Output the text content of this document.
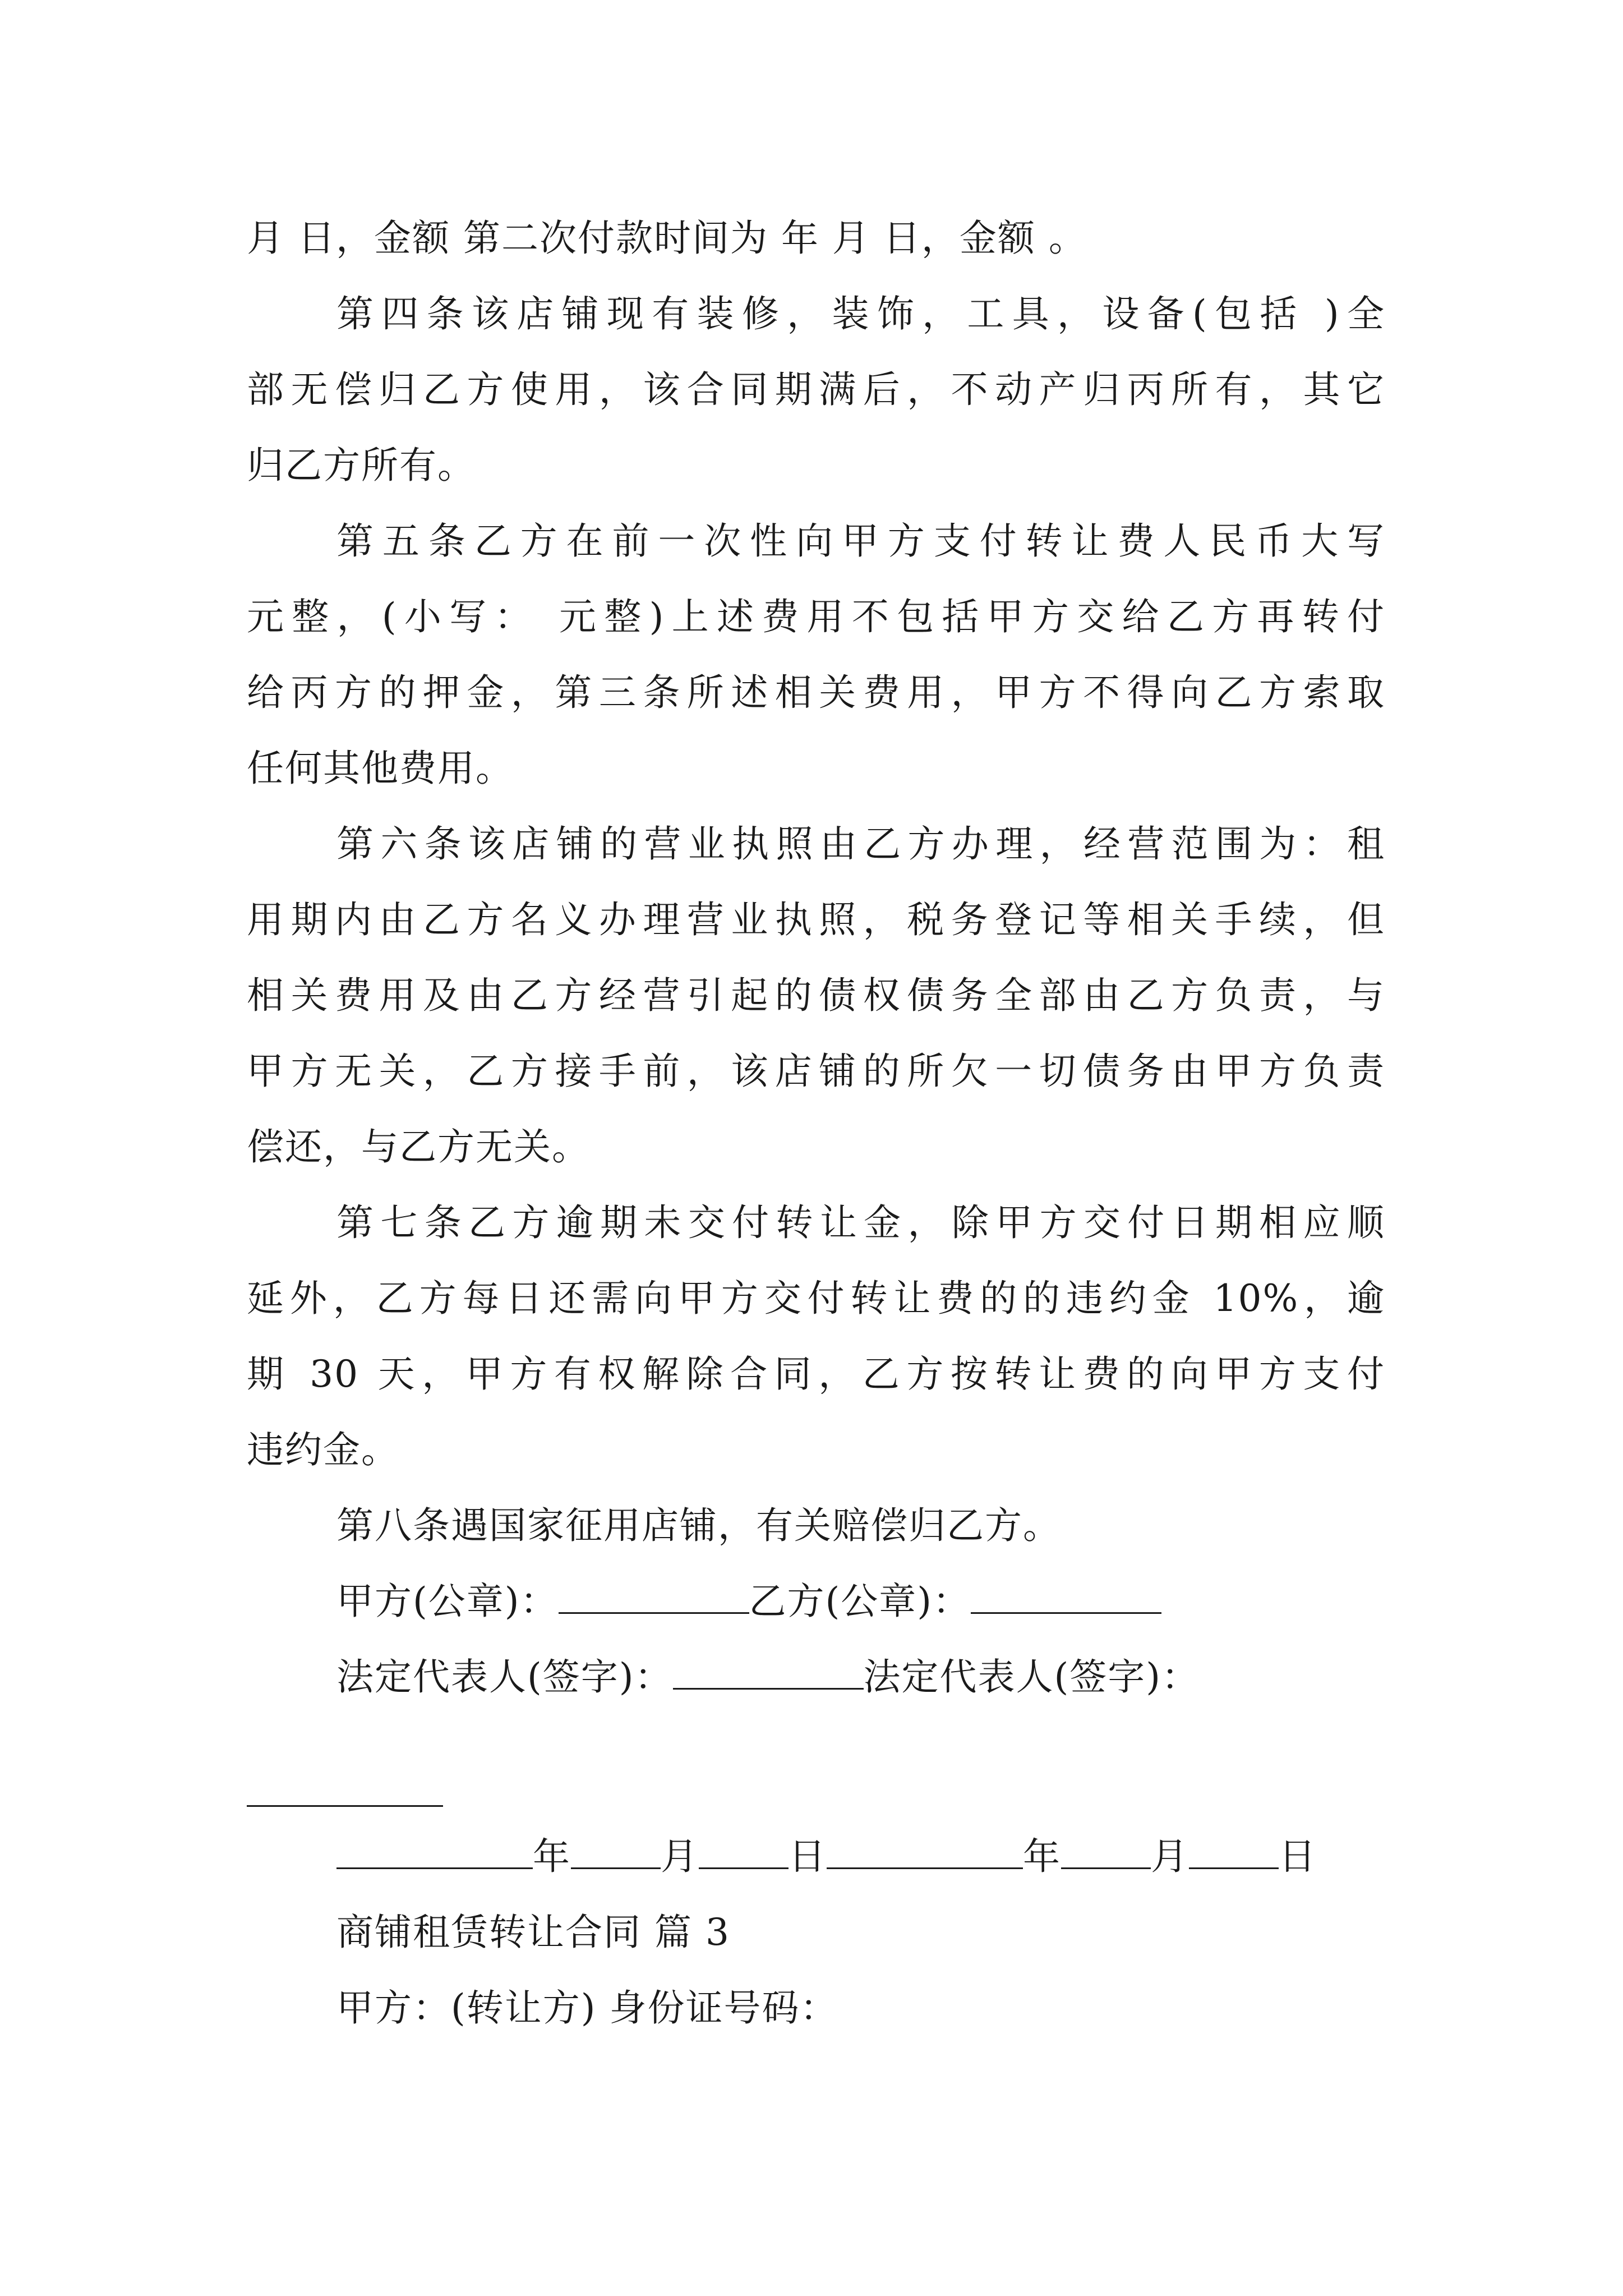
月 日，金额 第二次付款时间为 年 月 日，金额 。
第四条该店铺现有装修，装饰，工具，设备(包括 )全
部无偿归乙方使用，该合同期满后，不动产归丙所有，其它
归乙方所有。
第五条乙方在前一次性向甲方支付转让费人民币大写
元整，(小写： 元整)上述费用不包括甲方交给乙方再转付
给丙方的押金，第三条所述相关费用，甲方不得向乙方索取
任何其他费用。
第六条该店铺的营业执照由乙方办理，经营范围为：租
用期内由乙方名义办理营业执照，税务登记等相关手续，但
相关费用及由乙方经营引起的债权债务全部由乙方负责，与
甲方无关，乙方接手前，该店铺的所欠一切债务由甲方负责
偿还，与乙方无关。
第七条乙方逾期未交付转让金，除甲方交付日期相应顺
延外，乙方每日还需向甲方交付转让费的的违约金 10%，逾
期 30 天，甲方有权解除合同，乙方按转让费的向甲方支付
违约金。
第八条遇国家征用店铺，有关赔偿归乙方。
甲方(公章)：	乙方(公章)：
法定代表人(签字)：	法定代表人(签字)：
年 月 日	年 月 日
商铺租赁转让合同 篇 3
甲方：(转让方) 身份证号码：
